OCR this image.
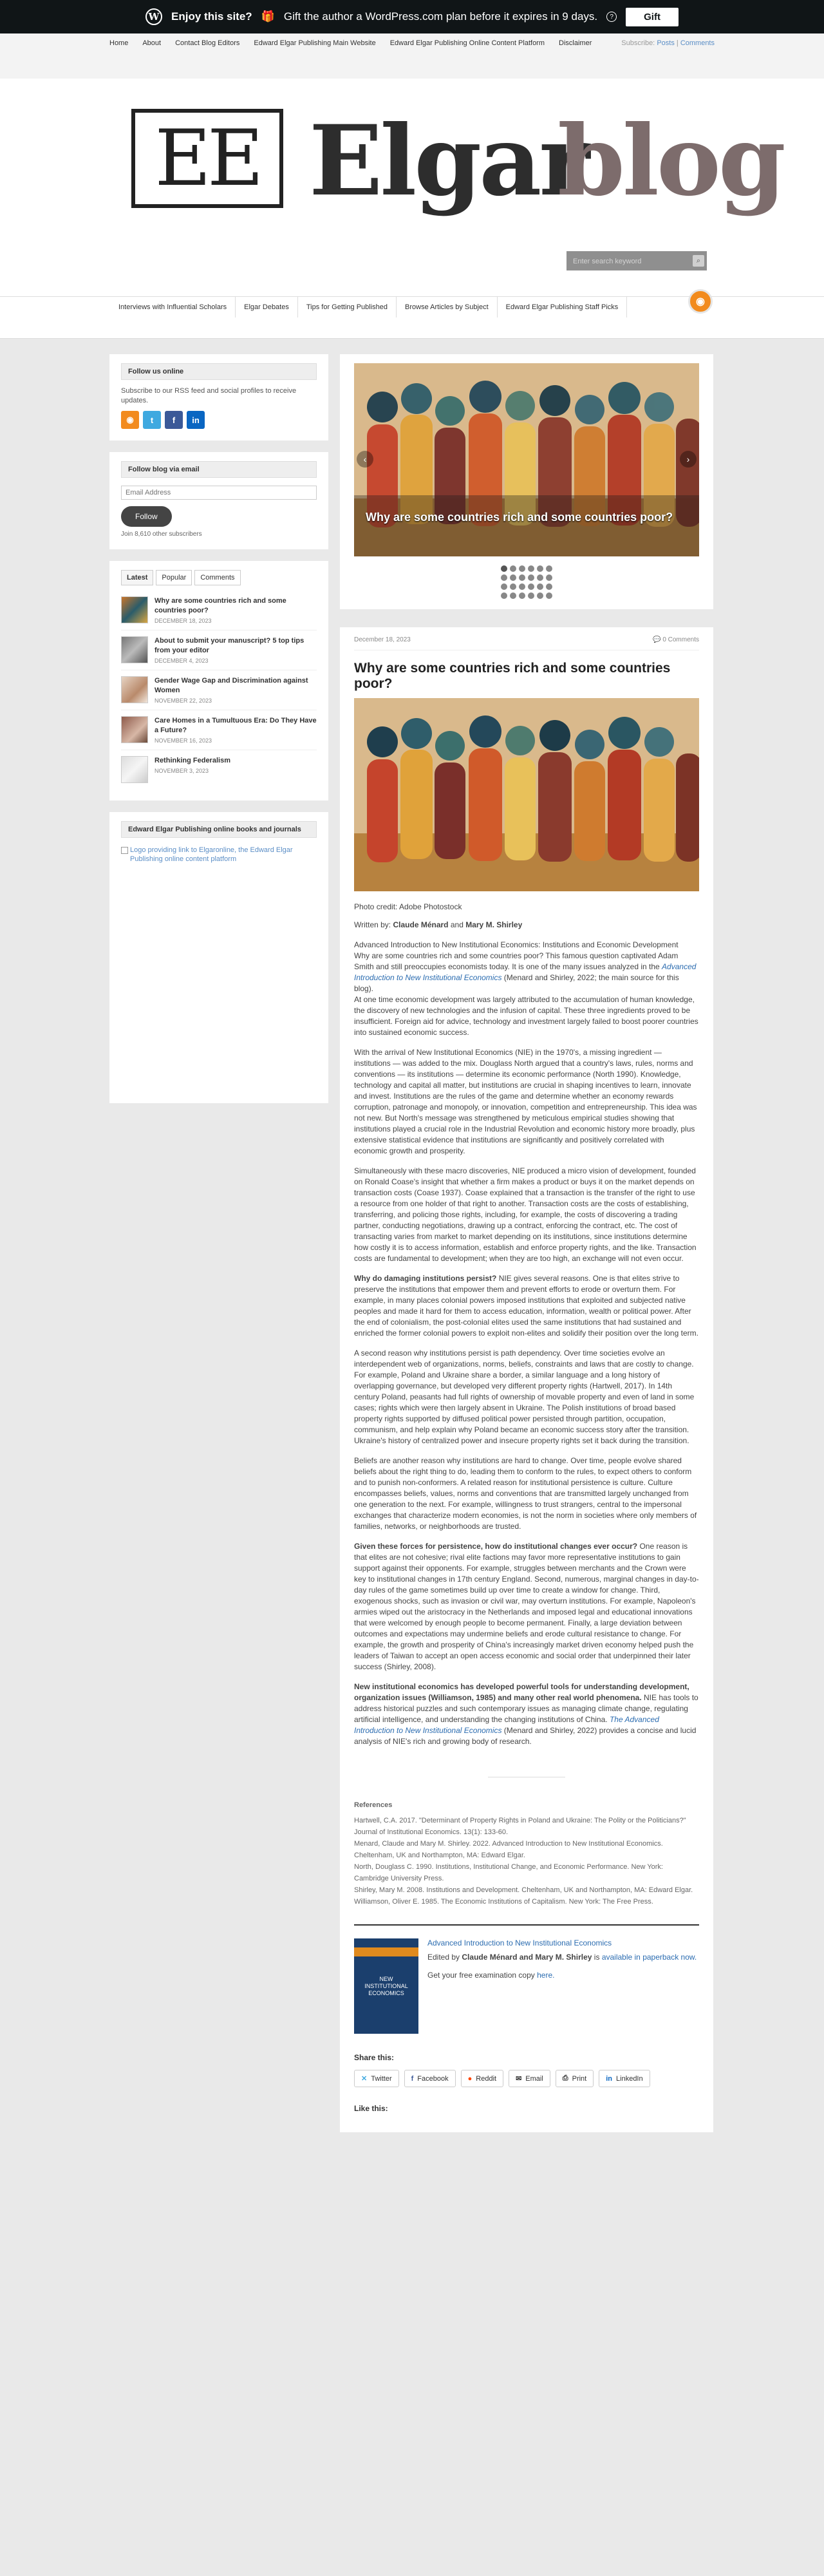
W Enjoy this site? 🎁 Gift the author a WordPress.com plan before it expires in 9 days.	?	Gift
Home About Contact Blog Editors Edward Elgar Publishing Main Website Edward Elgar Publishing Online Content Platform Disclaimer	Subscribe: Posts | Comments
EE Elgar
blog
Enter search keyword
⌕
Interviews with Influential Scholars	Elgar Debates	Tips for Getting Published	Browse Articles by Subject	Edward Elgar Publishing Staff Picks	◉
Follow us online

Subscribe to our RSS feed and social profiles to receive updates.

◉	t	f	in
Follow blog via email
Email Address
Follow
Join 8,610 other subscribers
Latest	Popular	Comments
Why are some countries rich and some countries poor?
DECEMBER 18, 2023
About to submit your manuscript? 5 top tips from your editor
DECEMBER 4, 2023
Gender Wage Gap and Discrimination against Women
NOVEMBER 22, 2023
Care Homes in a Tumultuous Era: Do They Have a Future?
NOVEMBER 16, 2023
Rethinking Federalism
NOVEMBER 3, 2023
Edward Elgar Publishing online books and journals
Logo providing link to Elgaronline, the Edward Elgar Publishing online content platform
Why are some countries rich and some countries poor?
‹	›
December 18, 2023	💬 0 Comments
Why are some countries rich and some countries poor?
Photo credit: Adobe Photostock
Written by: Claude Ménard and Mary M. Shirley

Advanced Introduction to New Institutional Economics: Institutions and Economic Development

Why are some countries rich and some countries poor? This famous question captivated Adam Smith and still preoccupies economists today. It is one of the many issues analyzed in the Advanced Introduction to New Institutional Economics (Menard and Shirley, 2022; the main source for this blog).

At one time economic development was largely attributed to the accumulation of human knowledge, the discovery of new technologies and the infusion of capital. These three ingredients proved to be insufficient. Foreign aid for advice, technology and investment largely failed to boost poorer countries into sustained economic success.

With the arrival of New Institutional Economics (NIE) in the 1970's, a missing ingredient — institutions — was added to the mix. Douglass North argued that a country's laws, rules, norms and conventions — its institutions — determine its economic performance (North 1990). Knowledge, technology and capital all matter, but institutions are crucial in shaping incentives to learn, innovate and invest. Institutions are the rules of the game and determine whether an economy rewards corruption, patronage and monopoly, or innovation, competition and entrepreneurship. This idea was not new. But North's message was strengthened by meticulous empirical studies showing that institutions played a crucial role in the Industrial Revolution and economic history more broadly, plus extensive statistical evidence that institutions are significantly and positively correlated with economic growth and prosperity.

Simultaneously with these macro discoveries, NIE produced a micro vision of development, founded on Ronald Coase's insight that whether a firm makes a product or buys it on the market depends on transaction costs (Coase 1937). Coase explained that a transaction is the transfer of the right to use a resource from one holder of that right to another. Transaction costs are the costs of establishing, transferring, and policing those rights, including, for example, the costs of discovering a trading partner, conducting negotiations, drawing up a contract, enforcing the contract, etc. The cost of transacting varies from market to market depending on its institutions, since institutions determine how costly it is to access information, establish and enforce property rights, and the like. Transaction costs are fundamental to development; when they are too high, an exchange will not even occur.

Why do damaging institutions persist? NIE gives several reasons. One is that elites strive to preserve the institutions that empower them and prevent efforts to erode or overturn them. For example, in many places colonial powers imposed institutions that exploited and subjected native peoples and made it hard for them to access education, information, wealth or political power. After the end of colonialism, the post-colonial elites used the same institutions that had sustained and enriched the former colonial powers to exploit non-elites and solidify their position over the long term.

A second reason why institutions persist is path dependency. Over time societies evolve an interdependent web of organizations, norms, beliefs, constraints and laws that are costly to change. For example, Poland and Ukraine share a border, a similar language and a long history of overlapping governance, but developed very different property rights (Hartwell, 2017). In 14th century Poland, peasants had full rights of ownership of movable property and even of land in some cases; rights which were then largely absent in Ukraine. The Polish institutions of broad based property rights supported by diffused political power persisted through partition, occupation, communism, and help explain why Poland became an economic success story after the transition. Ukraine's history of centralized power and insecure property rights set it back during the transition.

Beliefs are another reason why institutions are hard to change. Over time, people evolve shared beliefs about the right thing to do, leading them to conform to the rules, to expect others to conform and to punish non-conformers. A related reason for institutional persistence is culture. Culture encompasses beliefs, values, norms and conventions that are transmitted largely unchanged from one generation to the next. For example, willingness to trust strangers, central to the impersonal exchanges that characterize modern economies, is not the norm in societies where only members of families, networks, or neighborhoods are trusted.

Given these forces for persistence, how do institutional changes ever occur? One reason is that elites are not cohesive; rival elite factions may favor more representative institutions to gain support against their opponents. For example, struggles between merchants and the Crown were key to institutional changes in 17th century England. Second, numerous, marginal changes in day-to-day rules of the game sometimes build up over time to create a window for change. Third, exogenous shocks, such as invasion or civil war, may overturn institutions. For example, Napoleon's armies wiped out the aristocracy in the Netherlands and imposed legal and educational innovations that were welcomed by enough people to become permanent. Finally, a large deviation between outcomes and expectations may undermine beliefs and erode cultural resistance to change. For example, the growth and prosperity of China's increasingly market driven economy helped push the leaders of Taiwan to accept an open access economic and social order that underpinned their later success (Shirley, 2008).

New institutional economics has developed powerful tools for understanding development, organization issues (Williamson, 1985) and many other real world phenomena. NIE has tools to address historical puzzles and such contemporary issues as managing climate change, regulating artificial intelligence, and understanding the changing institutions of China. The Advanced Introduction to New Institutional Economics (Menard and Shirley, 2022) provides a concise and lucid analysis of NIE's rich and growing body of research.

References
Hartwell, C.A. 2017. "Determinant of Property Rights in Poland and Ukraine: The Polity or the Politicians?" Journal of Institutional Economics. 13(1): 133-60.
Menard, Claude and Mary M. Shirley. 2022. Advanced Introduction to New Institutional Economics. Cheltenham, UK and Northampton, MA: Edward Elgar.
North, Douglass C. 1990. Institutions, Institutional Change, and Economic Performance. New York: Cambridge University Press.
Shirley, Mary M. 2008. Institutions and Development. Cheltenham, UK and Northampton, MA: Edward Elgar.
Williamson, Oliver E. 1985. The Economic Institutions of Capitalism. New York: The Free Press.
NEW INSTITUTIONAL ECONOMICS
Advanced Introduction to New Institutional Economics
Edited by Claude Ménard and Mary M. Shirley is available in paperback now.
Get your free examination copy here.
Share this:
✕ Twitter	f Facebook	● Reddit	✉ Email	⎙ Print	in LinkedIn
Like this:
